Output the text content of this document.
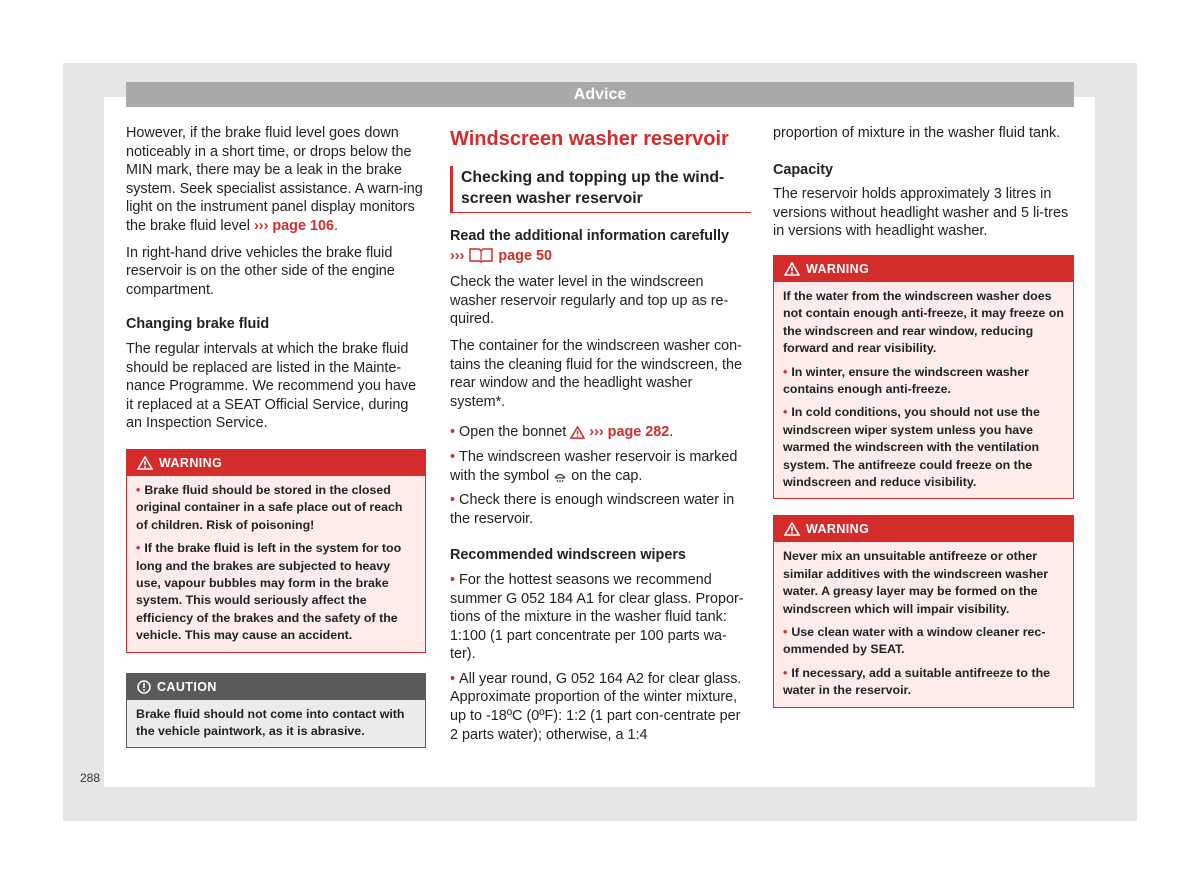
Advice

However, if the brake fluid level goes down noticeably in a short time, or drops below the MIN mark, there may be a leak in the brake system. Seek specialist assistance. A warn-ing light on the instrument panel display monitors the brake fluid level ››› page 106.

In right-hand drive vehicles the brake fluid reservoir is on the other side of the engine compartment.

Changing brake fluid

The regular intervals at which the brake fluid should be replaced are listed in the Mainte-nance Programme. We recommend you have it replaced at a SEAT Official Service, during an Inspection Service.

WARNING
• Brake fluid should be stored in the closed original container in a safe place out of reach of children. Risk of poisoning!
• If the brake fluid is left in the system for too long and the brakes are subjected to heavy use, vapour bubbles may form in the brake system. This would seriously affect the efficiency of the brakes and the safety of the vehicle. This may cause an accident.
CAUTION
Brake fluid should not come into contact with the vehicle paintwork, as it is abrasive.
Windscreen washer reservoir
Checking and topping up the wind-screen washer reservoir
Read the additional information carefully

››› page 50

Check the water level in the windscreen washer reservoir regularly and top up as re-quired.

The container for the windscreen washer con-tains the cleaning fluid for the windscreen, the rear window and the headlight washer system*.

• Open the bonnet ››› page 282.
• The windscreen washer reservoir is marked with the symbol on the cap.
• Check there is enough windscreen water in the reservoir.
Recommended windscreen wipers
• For the hottest seasons we recommend summer G 052 184 A1 for clear glass. Propor-tions of the mixture in the washer fluid tank: 1:100 (1 part concentrate per 100 parts wa-ter).
• All year round, G 052 164 A2 for clear glass. Approximate proportion of the winter mixture, up to -18ºC (0ºF): 1:2 (1 part con-centrate per 2 parts water); otherwise, a 1:4

proportion of mixture in the washer fluid tank.

Capacity

The reservoir holds approximately 3 litres in versions without headlight washer and 5 li-tres in versions with headlight washer.

WARNING

If the water from the windscreen washer does not contain enough anti-freeze, it may freeze on the windscreen and rear window, reducing forward and rear visibility.

• In winter, ensure the windscreen washer contains enough anti-freeze.
• In cold conditions, you should not use the windscreen wiper system unless you have warmed the windscreen with the ventilation system. The antifreeze could freeze on the windscreen and reduce visibility.
WARNING

Never mix an unsuitable antifreeze or other similar additives with the windscreen washer water. A greasy layer may be formed on the windscreen which will impair visibility.

• Use clean water with a window cleaner rec-ommended by SEAT.
• If necessary, add a suitable antifreeze to the water in the reservoir.
288
